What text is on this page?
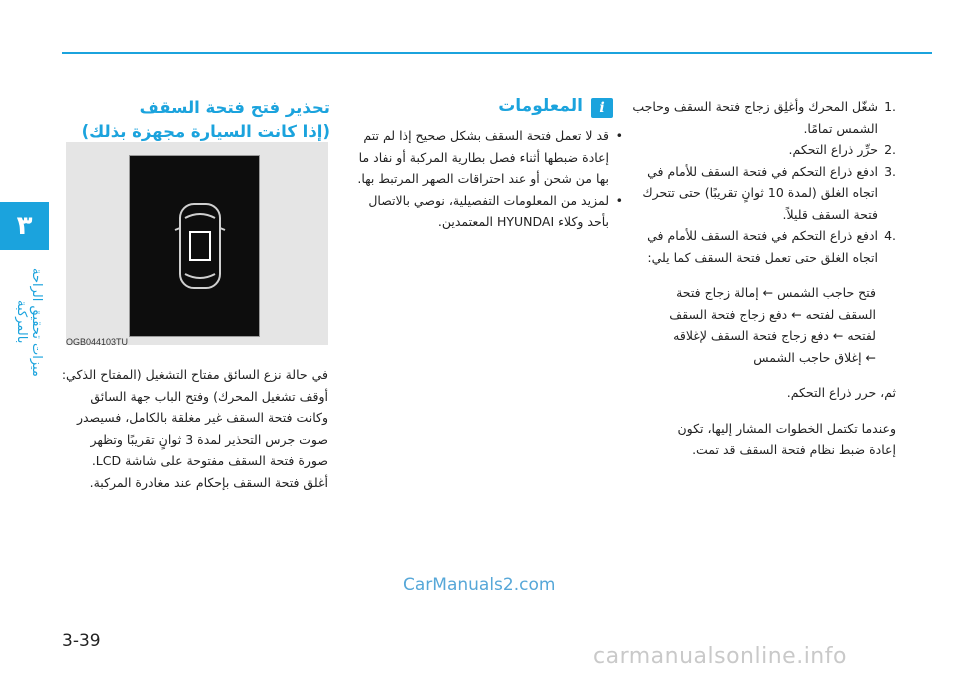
٣
ميزات تحقيق الراحة بالمركبة
تحذير فتح فتحة السقف
(إذا كانت السيارة مجهزة بذلك)
OGB044103TU
في حالة نزع السائق مفتاح التشغيل (المفتاح الذكي:
أوقف تشغيل المحرك) وفتح الباب جهة السائق
وكانت فتحة السقف غير مغلقة بالكامل، فسيصدر
صوت جرس التحذير لمدة 3 ثوانٍ تقريبًا وتظهر
صورة فتحة السقف مفتوحة على شاشة LCD.
أغلق فتحة السقف بإحكام عند مغادرة المركبة.
i
المعلومات
• قد لا تعمل فتحة السقف بشكل صحيح إذا لم تتم إعادة ضبطها أثناء فصل بطارية المركبة أو نفاد ما بها من شحن أو عند احتراقات الصهر المرتبط بها.
• لمزيد من المعلومات التفصيلية، نوصي بالاتصال بأحد وكلاء HYUNDAI المعتمدين.
.1
شغّل المحرك وأغلِق زجاج فتحة السقف وحاجب الشمس تمامًا.
.2
حرِّر ذراع التحكم.
.3
ادفع ذراع التحكم في فتحة السقف للأمام في اتجاه الغلق (لمدة 10 ثوانٍ تقريبًا) حتى تتحرك فتحة السقف قليلاً.
.4
ادفع ذراع التحكم في فتحة السقف للأمام في اتجاه الغلق حتى تعمل فتحة السقف كما يلي:
فتح حاجب الشمس ← إمالة زجاج فتحة
السقف لفتحه ← دفع زجاج فتحة السقف
لفتحه ← دفع زجاج فتحة السقف لإغلاقه
← إغلاق حاجب الشمس
ثم، حرر ذراع التحكم.
وعندما تكتمل الخطوات المشار إليها، تكون
إعادة ضبط نظام فتحة السقف قد تمت.
CarManuals2.com
3-39
carmanualsonline.info
